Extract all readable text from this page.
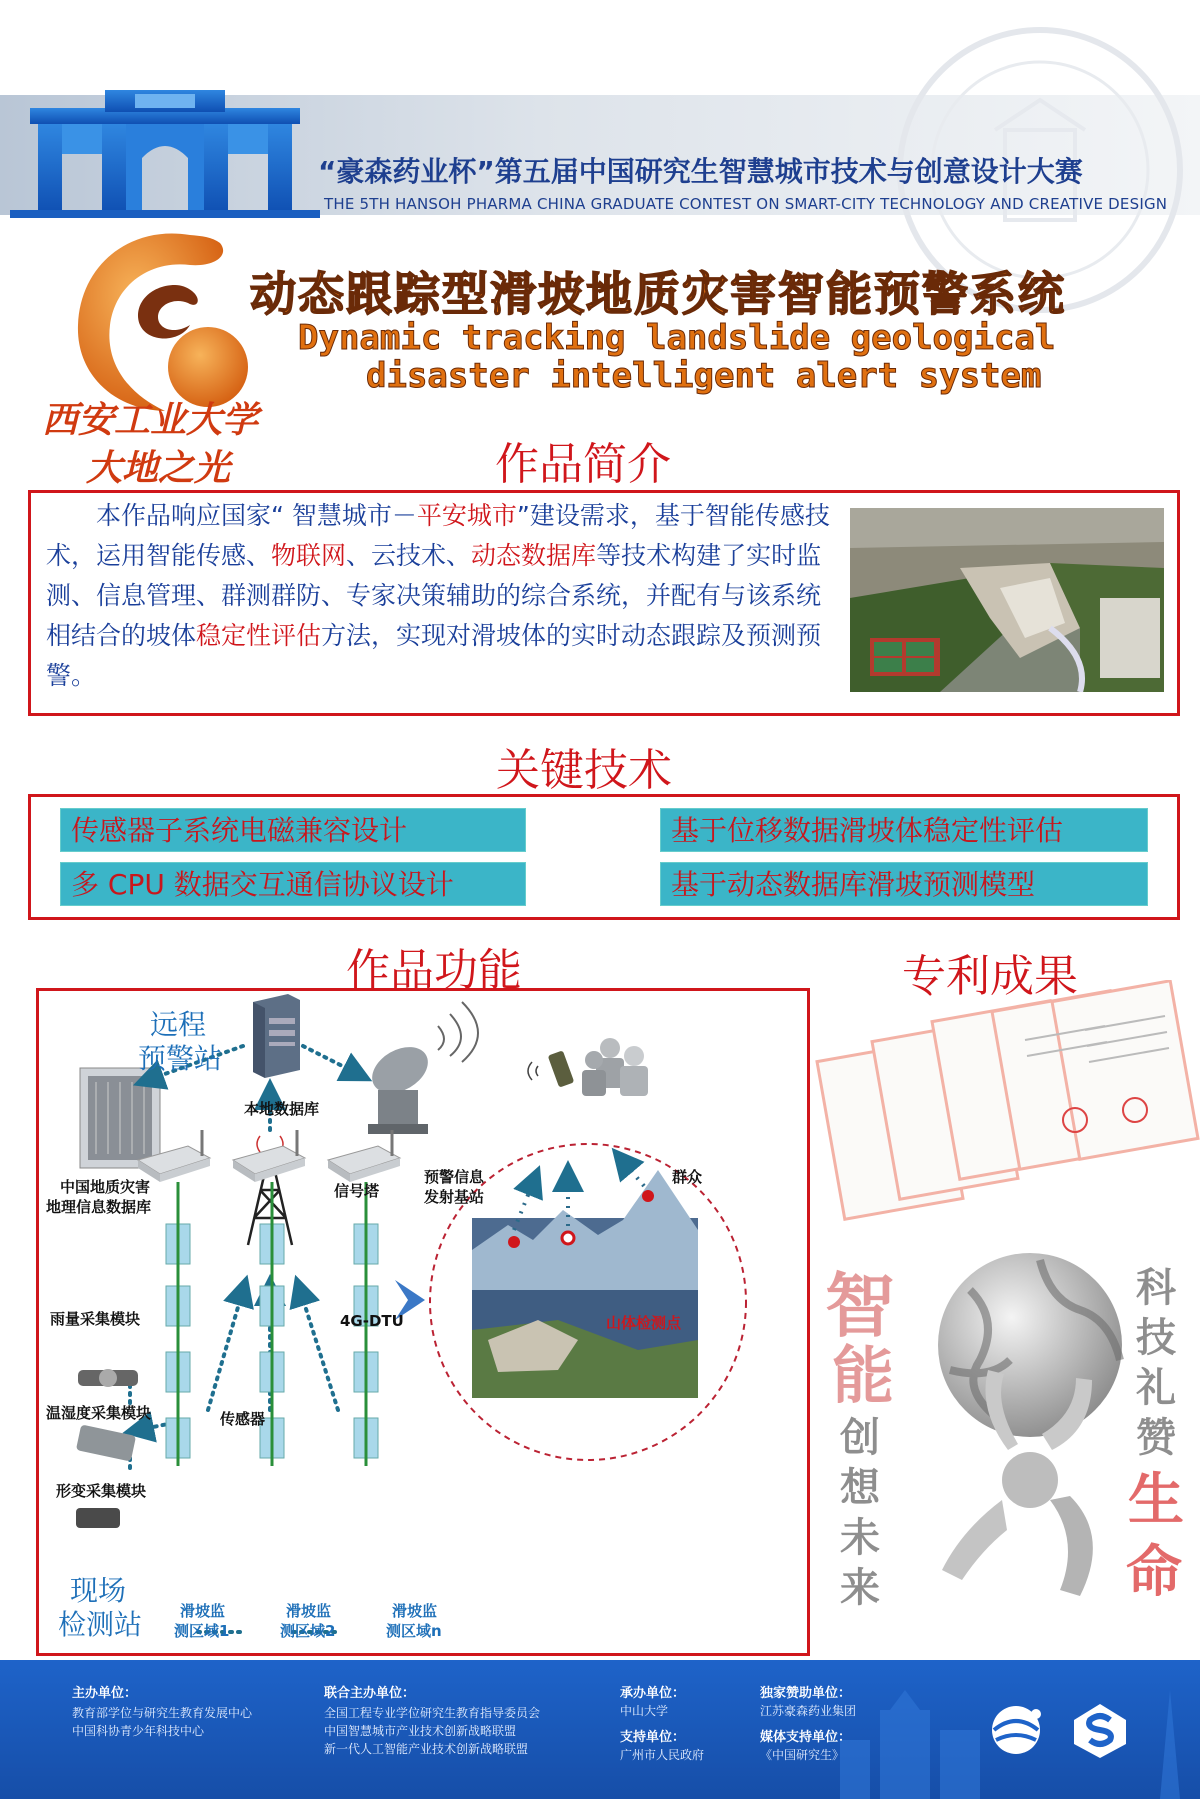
“豪森药业杯”第五届中国研究生智慧城市技术与创意设计大赛
THE 5TH HANSOH PHARMA CHINA GRADUATE CONTEST ON SMART-CITY TECHNOLOGY AND CREATIVE DESIGN
动态跟踪型滑坡地质灾害智能预警系统
Dynamic tracking landslide geological
disaster intelligent alert system
西安工业大学
大地之光	作品简介
本作品响应国家“ 智慧城市－平安城市”建设需求，基于智能传感技术，运用智能传感、物联网、云技术、动态数据库等技术构建了实时监测、信息管理、群测群防、专家决策辅助的综合系统，并配有与该系统相结合的坡体稳定性评估方法，实现对滑坡体的实时动态跟踪及预测预警。
关键技术
传感器子系统电磁兼容设计	基于位移数据滑坡体稳定性评估
多 CPU 数据交互通信协议设计	基于动态数据库滑坡预测模型
作品功能
远程
预警站
本地数据库
中国地质灾害
地理信息数据库
信号塔
预警信息
发射基站
群众
雨量采集模块
温湿度采集模块
形变采集模块
传感器
4G-DTU	山体检测点
现场
检测站	滑坡监
测区域1
滑坡监
测区域2
滑坡监
测区域n
专利成果
智
能
创
想
未
来
科
技
礼
赞
生
命
主办单位：
教育部学位与研究生教育发展中心
中国科协青少年科技中心
联合主办单位：
全国工程专业学位研究生教育指导委员会
中国智慧城市产业技术创新战略联盟
新一代人工智能产业技术创新战略联盟
承办单位：
中山大学
支持单位：
广州市人民政府
独家赞助单位：
江苏豪森药业集团
媒体支持单位：
《中国研究生》
